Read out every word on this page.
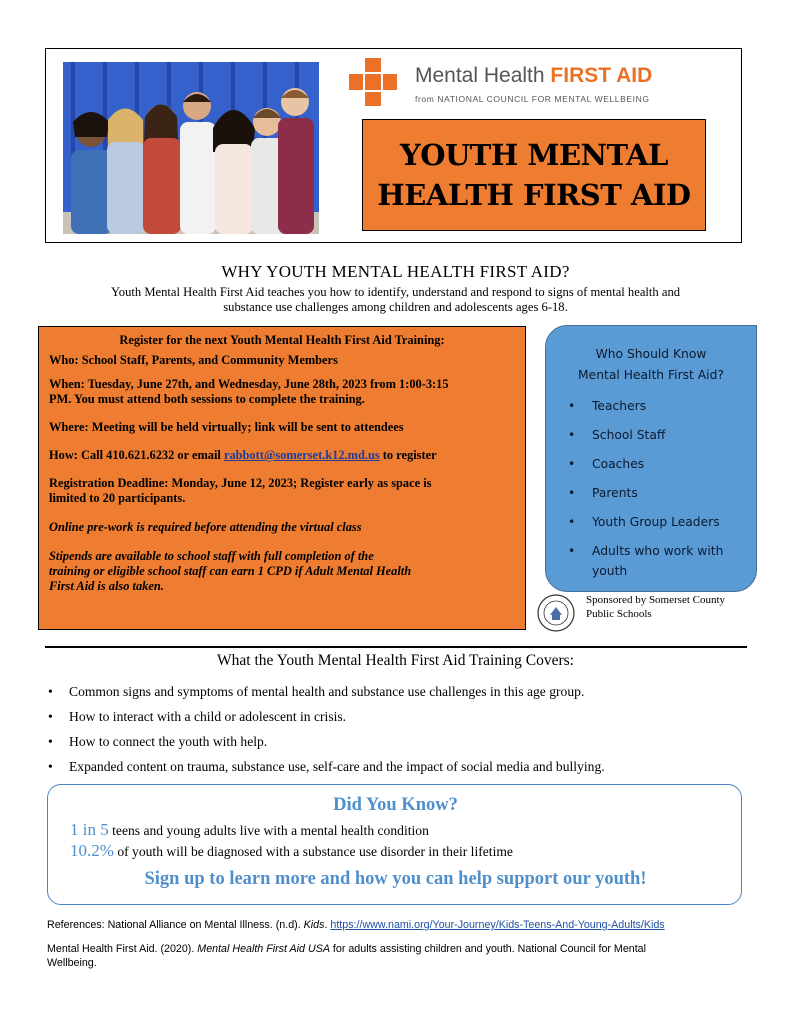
Mental Health FIRST AID
from NATIONAL COUNCIL FOR MENTAL WELLBEING
YOUTH MENTAL
HEALTH FIRST AID
WHY YOUTH MENTAL HEALTH FIRST AID?
Youth Mental Health First Aid teaches you how to identify, understand and respond to signs of mental health and
substance use challenges among children and adolescents ages 6-18.
Register for the next Youth Mental Health First Aid Training:
Who: School Staff, Parents, and Community Members
When: Tuesday, June 27th, and Wednesday, June 28th, 2023 from 1:00-3:15
PM. You must attend both sessions to complete the training.
Where: Meeting will be held virtually; link will be sent to attendees
How: Call 410.621.6232 or email rabbott@somerset.k12.md.us to register
Registration Deadline: Monday, June 12, 2023; Register early as space is
limited to 20 participants.
Online pre-work is required before attending the virtual class
Stipends are available to school staff with full completion of the
training or eligible school staff can earn 1 CPD if Adult Mental Health
First Aid is also taken.
Who Should Know
Mental Health First Aid?
• Teachers
• School Staff
• Coaches
• Parents
• Youth Group Leaders
• Adults who work with
youth
Sponsored by Somerset County
Public Schools
What the Youth Mental Health First Aid Training Covers:
• Common signs and symptoms of mental health and substance use challenges in this age group.
• How to interact with a child or adolescent in crisis.
• How to connect the youth with help.
• Expanded content on trauma, substance use, self-care and the impact of social media and bullying.
Did You Know?
1 in 5 teens and young adults live with a mental health condition
10.2% of youth will be diagnosed with a substance use disorder in their lifetime
Sign up to learn more and how you can help support our youth!
References: National Alliance on Mental Illness. (n.d). Kids. https://www.nami.org/Your-Journey/Kids-Teens-And-Young-Adults/Kids
Mental Health First Aid. (2020). Mental Health First Aid USA for adults assisting children and youth. National Council for Mental
Wellbeing.
